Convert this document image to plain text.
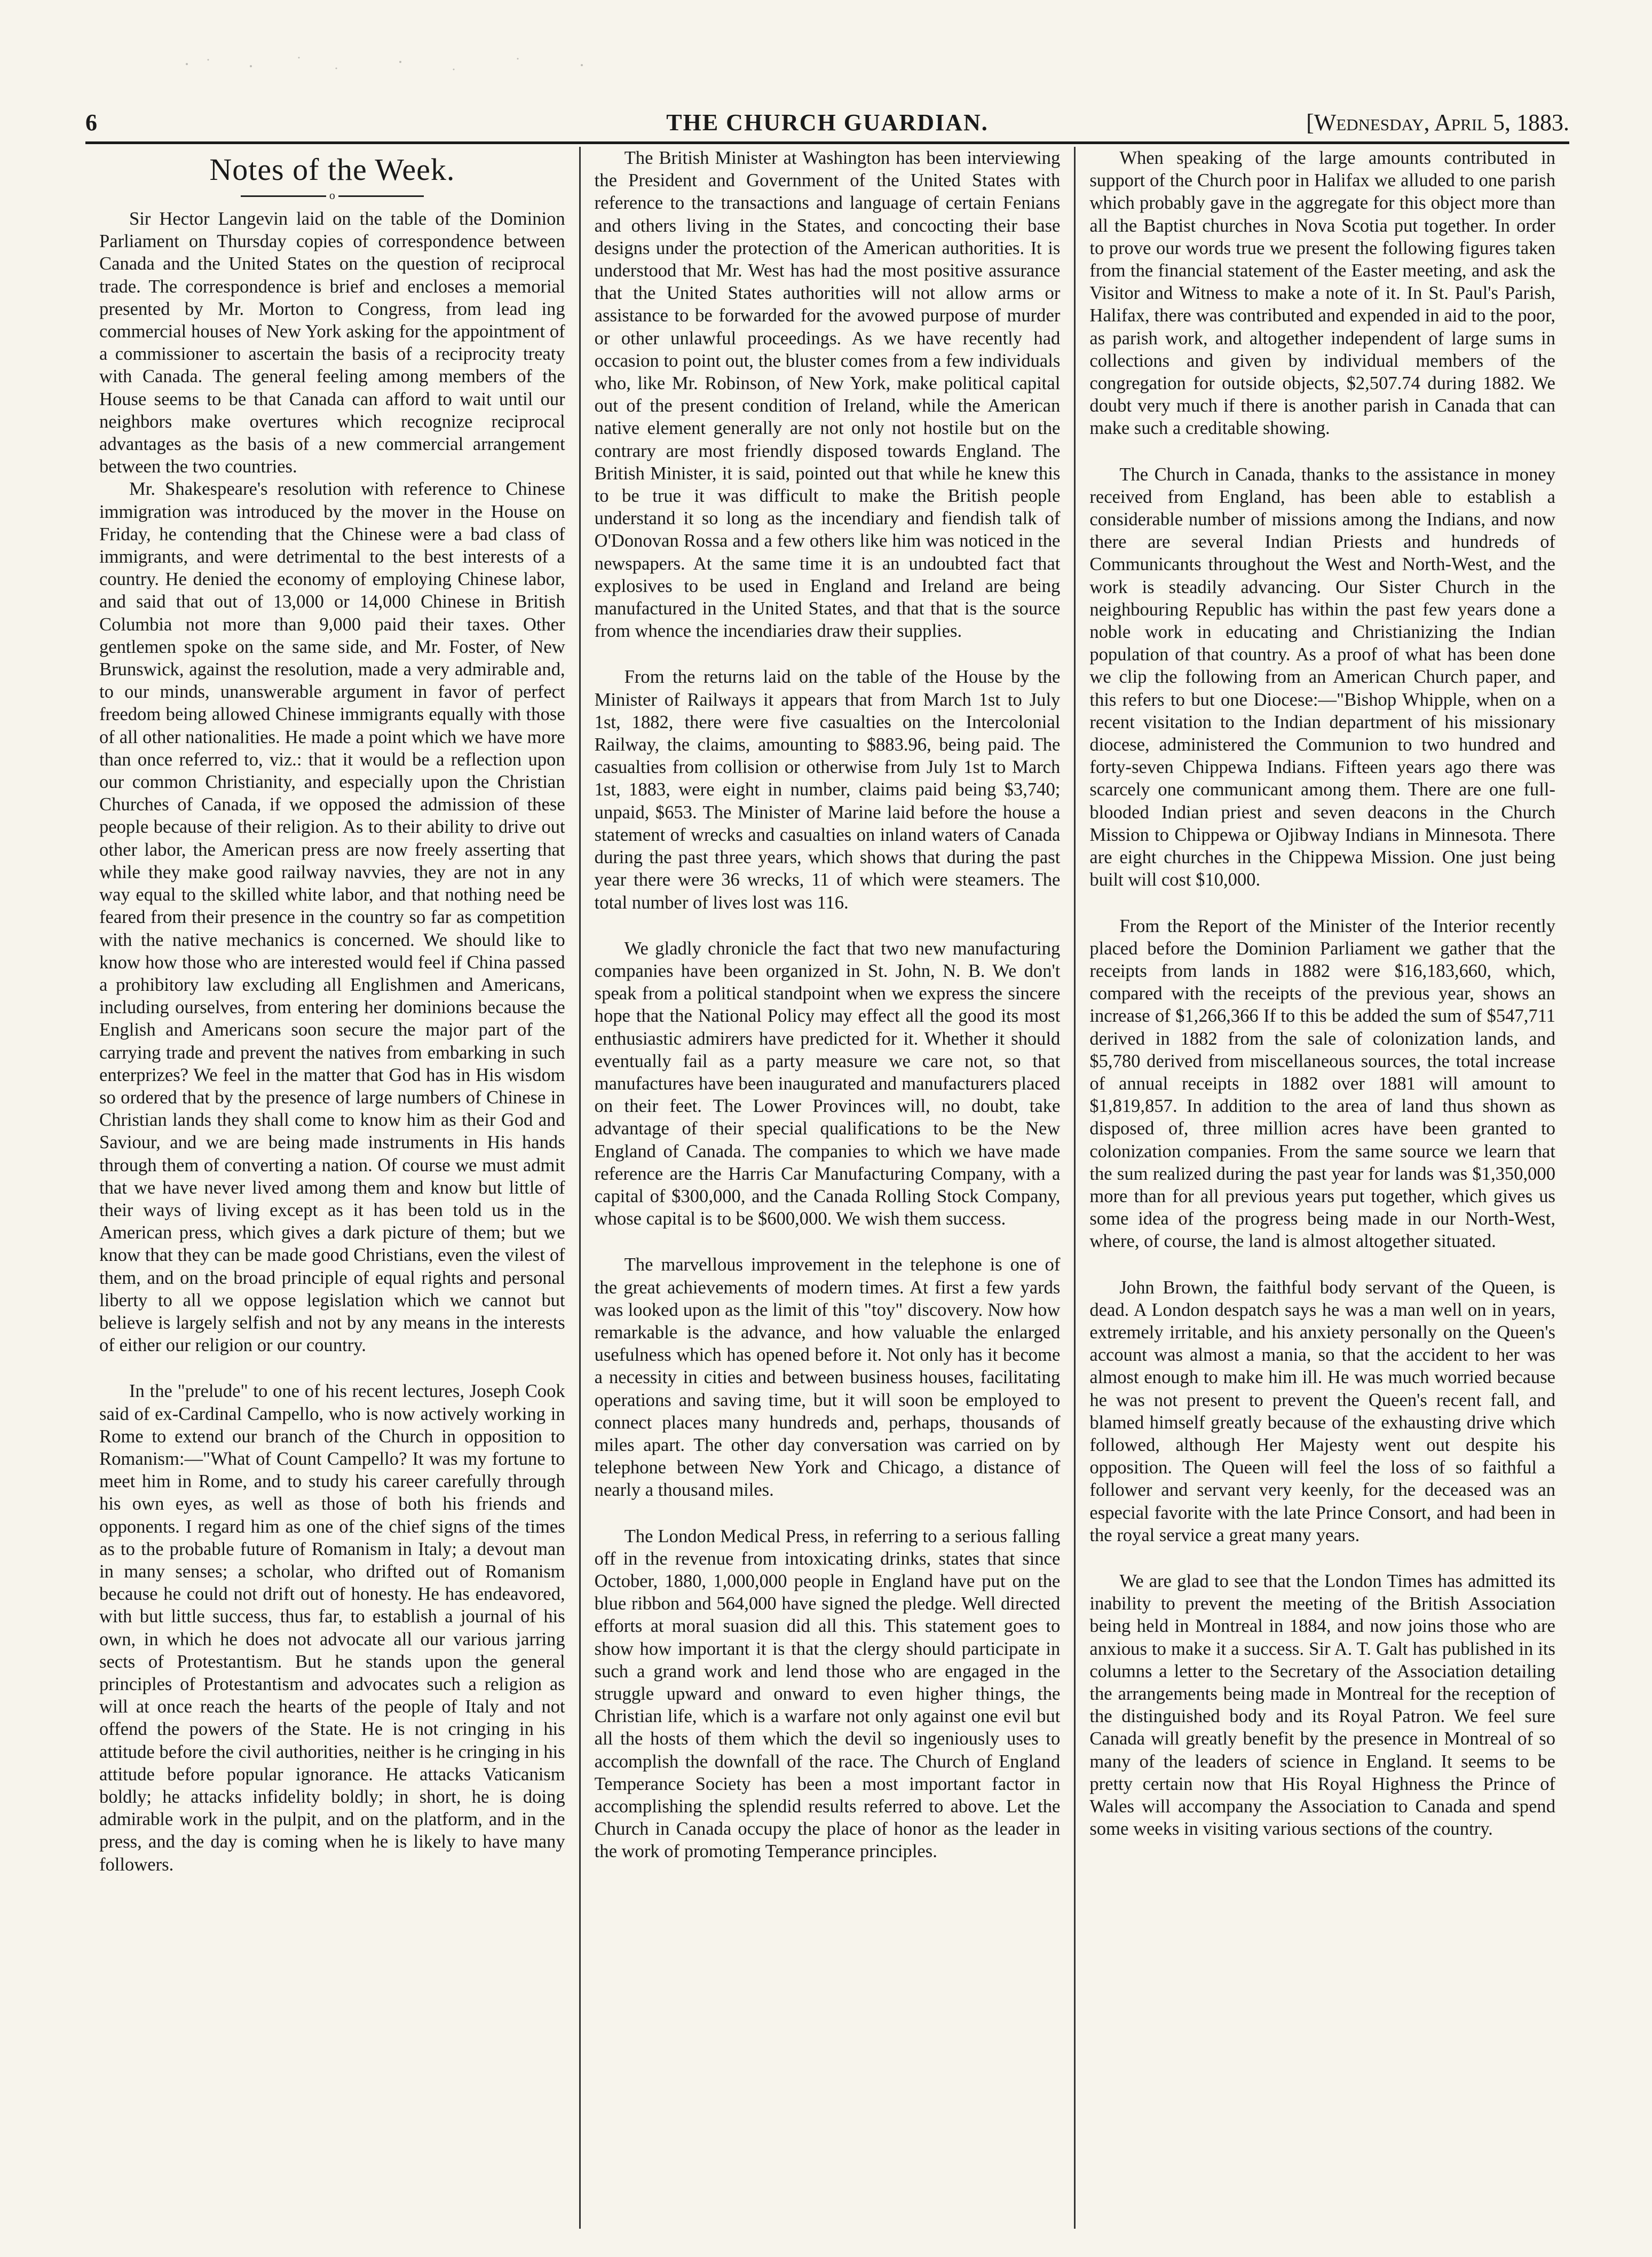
6	THE CHURCH GUARDIAN.	[Wednesday, April 5, 1883.
Notes of the Week.
o

Sir Hector Langevin laid on the table of the Dominion Parliament on Thursday copies of correspondence between Canada and the United States on the question of reciprocal trade. The correspondence is brief and encloses a memorial presented by Mr. Morton to Congress, from lead ing commercial houses of New York asking for the appointment of a commissioner to ascertain the basis of a reciprocity treaty with Canada. The general feeling among members of the House seems to be that Canada can afford to wait until our neighbors make overtures which recognize reciprocal advantages as the basis of a new commercial arrangement between the two countries.

Mr. Shakespeare's resolution with reference to Chinese immigration was introduced by the mover in the House on Friday, he contending that the Chinese were a bad class of immigrants, and were detrimental to the best interests of a country. He denied the economy of employing Chinese labor, and said that out of 13,000 or 14,000 Chinese in British Columbia not more than 9,000 paid their taxes. Other gentlemen spoke on the same side, and Mr. Foster, of New Brunswick, against the resolution, made a very admirable and, to our minds, unanswerable argument in favor of perfect freedom being allowed Chinese immigrants equally with those of all other nationalities. He made a point which we have more than once referred to, viz.: that it would be a reflection upon our common Christianity, and especially upon the Christian Churches of Canada, if we opposed the admission of these people because of their religion. As to their ability to drive out other labor, the American press are now freely asserting that while they make good railway navvies, they are not in any way equal to the skilled white labor, and that nothing need be feared from their presence in the country so far as competition with the native mechanics is concerned. We should like to know how those who are interested would feel if China passed a prohibitory law excluding all Englishmen and Americans, including ourselves, from entering her dominions because the English and Americans soon secure the major part of the carrying trade and prevent the natives from embarking in such enterprizes? We feel in the matter that God has in His wisdom so ordered that by the presence of large numbers of Chinese in Christian lands they shall come to know him as their God and Saviour, and we are being made instruments in His hands through them of converting a nation. Of course we must admit that we have never lived among them and know but little of their ways of living except as it has been told us in the American press, which gives a dark picture of them; but we know that they can be made good Christians, even the vilest of them, and on the broad principle of equal rights and personal liberty to all we oppose legislation which we cannot but believe is largely selfish and not by any means in the interests of either our religion or our country.

In the "prelude" to one of his recent lectures, Joseph Cook said of ex-Cardinal Campello, who is now actively working in Rome to extend our branch of the Church in opposition to Romanism:—"What of Count Campello? It was my fortune to meet him in Rome, and to study his career carefully through his own eyes, as well as those of both his friends and opponents. I regard him as one of the chief signs of the times as to the probable future of Romanism in Italy; a devout man in many senses; a scholar, who drifted out of Romanism because he could not drift out of honesty. He has endeavored, with but little success, thus far, to establish a journal of his own, in which he does not advocate all our various jarring sects of Protestantism. But he stands upon the general principles of Protestantism and advocates such a religion as will at once reach the hearts of the people of Italy and not offend the powers of the State. He is not cringing in his attitude before the civil authorities, neither is he cringing in his attitude before popular ignorance. He attacks Vaticanism boldly; he attacks infidelity boldly; in short, he is doing admirable work in the pulpit, and on the platform, and in the press, and the day is coming when he is likely to have many followers.

The British Minister at Washington has been interviewing the President and Government of the United States with reference to the transactions and language of certain Fenians and others living in the States, and concocting their base designs under the protection of the American authorities. It is understood that Mr. West has had the most positive assurance that the United States authorities will not allow arms or assistance to be forwarded for the avowed purpose of murder or other unlawful proceedings. As we have recently had occasion to point out, the bluster comes from a few individuals who, like Mr. Robinson, of New York, make political capital out of the present condition of Ireland, while the American native element generally are not only not hostile but on the contrary are most friendly disposed towards England. The British Minister, it is said, pointed out that while he knew this to be true it was difficult to make the British people understand it so long as the incendiary and fiendish talk of O'Donovan Rossa and a few others like him was noticed in the newspapers. At the same time it is an undoubted fact that explosives to be used in England and Ireland are being manufactured in the United States, and that that is the source from whence the incendiaries draw their supplies.

From the returns laid on the table of the House by the Minister of Railways it appears that from March 1st to July 1st, 1882, there were five casualties on the Intercolonial Railway, the claims, amounting to $883.96, being paid. The casualties from collision or otherwise from July 1st to March 1st, 1883, were eight in number, claims paid being $3,740; unpaid, $653. The Minister of Marine laid before the house a statement of wrecks and casualties on inland waters of Canada during the past three years, which shows that during the past year there were 36 wrecks, 11 of which were steamers. The total number of lives lost was 116.

We gladly chronicle the fact that two new manufacturing companies have been organized in St. John, N. B. We don't speak from a political standpoint when we express the sincere hope that the National Policy may effect all the good its most enthusiastic admirers have predicted for it. Whether it should eventually fail as a party measure we care not, so that manufactures have been inaugurated and manufacturers placed on their feet. The Lower Provinces will, no doubt, take advantage of their special qualifications to be the New England of Canada. The companies to which we have made reference are the Harris Car Manufacturing Company, with a capital of $300,000, and the Canada Rolling Stock Company, whose capital is to be $600,000. We wish them success.

The marvellous improvement in the telephone is one of the great achievements of modern times. At first a few yards was looked upon as the limit of this "toy" discovery. Now how remarkable is the advance, and how valuable the enlarged usefulness which has opened before it. Not only has it become a necessity in cities and between business houses, facilitating operations and saving time, but it will soon be employed to connect places many hundreds and, perhaps, thousands of miles apart. The other day conversation was carried on by telephone between New York and Chicago, a distance of nearly a thousand miles.

The London Medical Press, in referring to a serious falling off in the revenue from intoxicating drinks, states that since October, 1880, 1,000,000 people in England have put on the blue ribbon and 564,000 have signed the pledge. Well directed efforts at moral suasion did all this. This statement goes to show how important it is that the clergy should participate in such a grand work and lend those who are engaged in the struggle upward and onward to even higher things, the Christian life, which is a warfare not only against one evil but all the hosts of them which the devil so ingeniously uses to accomplish the downfall of the race. The Church of England Temperance Society has been a most important factor in accomplishing the splendid results referred to above. Let the Church in Canada occupy the place of honor as the leader in the work of promoting Temperance principles.

When speaking of the large amounts contributed in support of the Church poor in Halifax we alluded to one parish which probably gave in the aggregate for this object more than all the Baptist churches in Nova Scotia put together. In order to prove our words true we present the following figures taken from the financial statement of the Easter meeting, and ask the Visitor and Witness to make a note of it. In St. Paul's Parish, Halifax, there was contributed and expended in aid to the poor, as parish work, and altogether independent of large sums in collections and given by individual members of the congregation for outside objects, $2,507.74 during 1882. We doubt very much if there is another parish in Canada that can make such a creditable showing.

The Church in Canada, thanks to the assistance in money received from England, has been able to establish a considerable number of missions among the Indians, and now there are several Indian Priests and hundreds of Communicants throughout the West and North-West, and the work is steadily advancing. Our Sister Church in the neighbouring Republic has within the past few years done a noble work in educating and Christianizing the Indian population of that country. As a proof of what has been done we clip the following from an American Church paper, and this refers to but one Diocese:—"Bishop Whipple, when on a recent visitation to the Indian department of his missionary diocese, administered the Communion to two hundred and forty-seven Chippewa Indians. Fifteen years ago there was scarcely one communicant among them. There are one full-blooded Indian priest and seven deacons in the Church Mission to Chippewa or Ojibway Indians in Minnesota. There are eight churches in the Chippewa Mission. One just being built will cost $10,000.

From the Report of the Minister of the Interior recently placed before the Dominion Parliament we gather that the receipts from lands in 1882 were $16,183,660, which, compared with the receipts of the previous year, shows an increase of $1,266,366 If to this be added the sum of $547,711 derived in 1882 from the sale of colonization lands, and $5,780 derived from miscellaneous sources, the total increase of annual receipts in 1882 over 1881 will amount to $1,819,857. In addition to the area of land thus shown as disposed of, three million acres have been granted to colonization companies. From the same source we learn that the sum realized during the past year for lands was $1,350,000 more than for all previous years put together, which gives us some idea of the progress being made in our North-West, where, of course, the land is almost altogether situated.

John Brown, the faithful body servant of the Queen, is dead. A London despatch says he was a man well on in years, extremely irritable, and his anxiety personally on the Queen's account was almost a mania, so that the accident to her was almost enough to make him ill. He was much worried because he was not present to prevent the Queen's recent fall, and blamed himself greatly because of the exhausting drive which followed, although Her Majesty went out despite his opposition. The Queen will feel the loss of so faithful a follower and servant very keenly, for the deceased was an especial favorite with the late Prince Consort, and had been in the royal service a great many years.

We are glad to see that the London Times has admitted its inability to prevent the meeting of the British Association being held in Montreal in 1884, and now joins those who are anxious to make it a success. Sir A. T. Galt has published in its columns a letter to the Secretary of the Association detailing the arrangements being made in Montreal for the reception of the distinguished body and its Royal Patron. We feel sure Canada will greatly benefit by the presence in Montreal of so many of the leaders of science in England. It seems to be pretty certain now that His Royal Highness the Prince of Wales will accompany the Association to Canada and spend some weeks in visiting various sections of the country.
